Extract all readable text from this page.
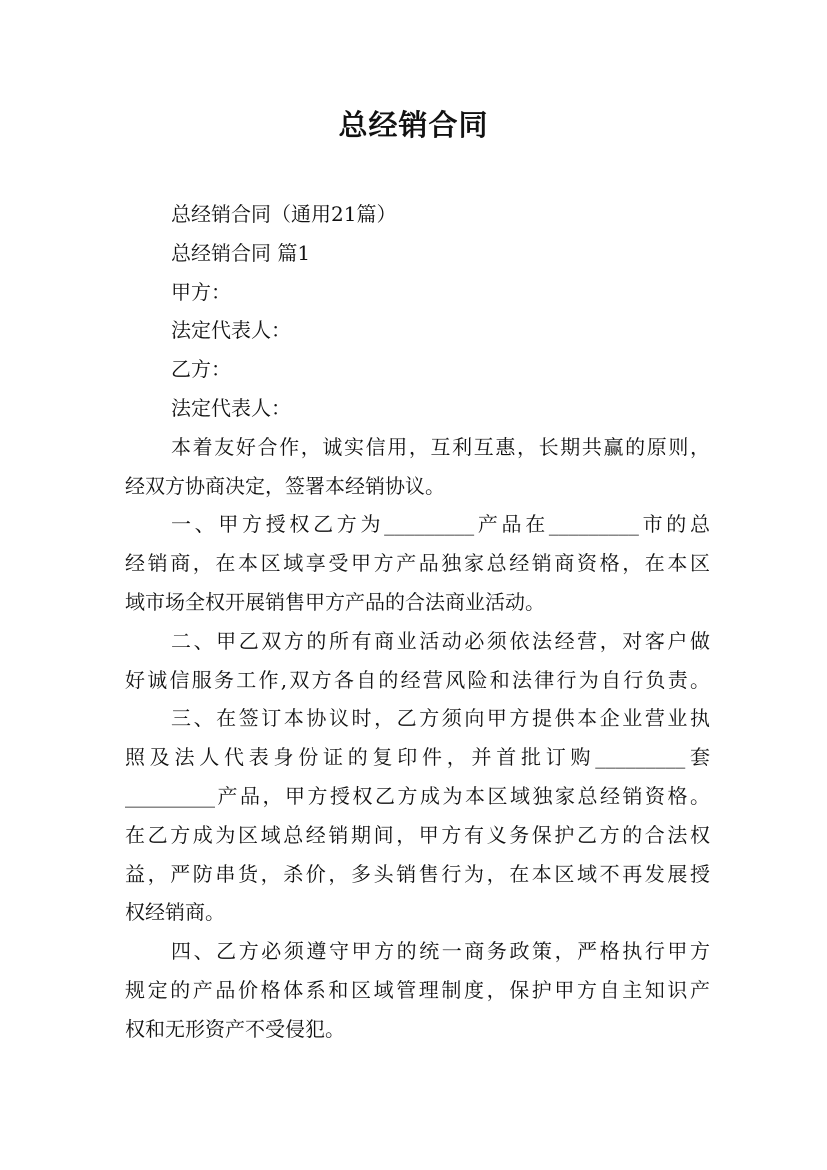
总经销合同
总经销合同（通用21篇）
总经销合同 篇1
甲方：
法定代表人：
乙方：
法定代表人：
本着友好合作，诚实信用，互利互惠，长期共赢的原则，
经双方协商决定，签署本经销协议。
一、甲方授权乙方为_________产品在_________市的总
经销商，在本区域享受甲方产品独家总经销商资格，在本区
域市场全权开展销售甲方产品的合法商业活动。
二、甲乙双方的所有商业活动必须依法经营，对客户做
好诚信服务工作,双方各自的经营风险和法律行为自行负责。
三、在签订本协议时，乙方须向甲方提供本企业营业执
照及法人代表身份证的复印件，并首批订购_________套
_________产品，甲方授权乙方成为本区域独家总经销资格。
在乙方成为区域总经销期间，甲方有义务保护乙方的合法权
益，严防串货，杀价，多头销售行为，在本区域不再发展授
权经销商。
四、乙方必须遵守甲方的统一商务政策，严格执行甲方
规定的产品价格体系和区域管理制度，保护甲方自主知识产
权和无形资产不受侵犯。
